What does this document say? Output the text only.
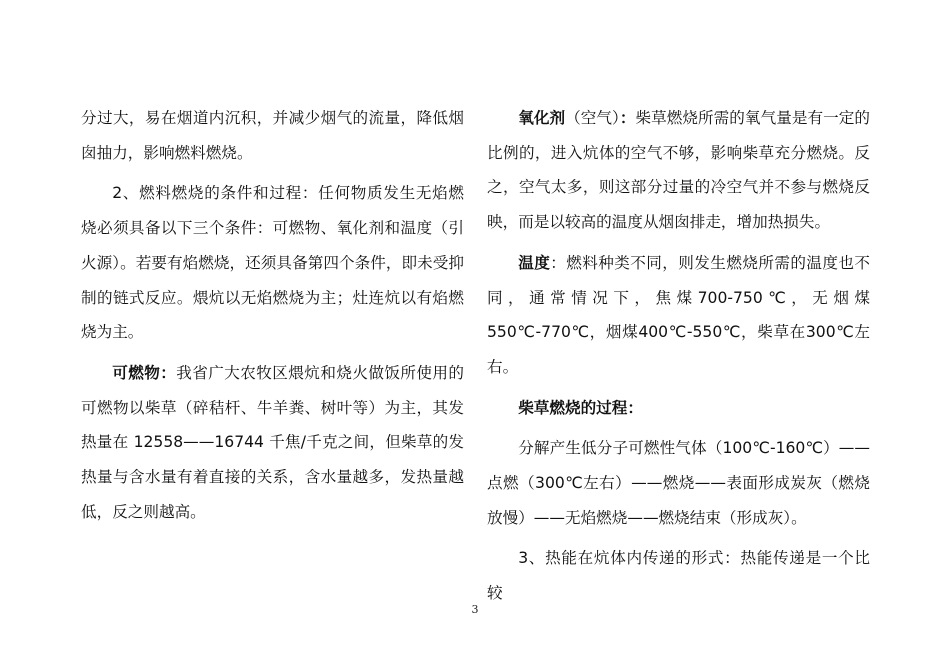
分过大，易在烟道内沉积，并减少烟气的流量，降低烟囱抽力，影响燃料燃烧。

2、燃料燃烧的条件和过程：任何物质发生无焰燃烧必须具备以下三个条件：可燃物、氧化剂和温度（引火源）。若要有焰燃烧，还须具备第四个条件，即未受抑制的链式反应。煨炕以无焰燃烧为主；灶连炕以有焰燃烧为主。

可燃物：我省广大农牧区煨炕和烧火做饭所使用的可燃物以柴草（碎秸杆、牛羊粪、树叶等）为主，其发热量在 12558——16744 千焦/千克之间，但柴草的发热量与含水量有着直接的关系，含水量越多，发热量越低，反之则越高。

氧化剂（空气）：柴草燃烧所需的氧气量是有一定的比例的，进入炕体的空气不够，影响柴草充分燃烧。反之，空气太多，则这部分过量的冷空气并不参与燃烧反映，而是以较高的温度从烟囱排走，增加热损失。

温度：燃料种类不同，则发生燃烧所需的温度也不同，通常情况下，焦煤700-750℃，无烟煤550℃-770℃，烟煤400℃-550℃，柴草在300℃左右。

柴草燃烧的过程：

分解产生低分子可燃性气体（100℃-160℃）——点燃（300℃左右）——燃烧——表面形成炭灰（燃烧放慢）——无焰燃烧——燃烧结束（形成灰）。

3、热能在炕体内传递的形式：热能传递是一个比较

3
